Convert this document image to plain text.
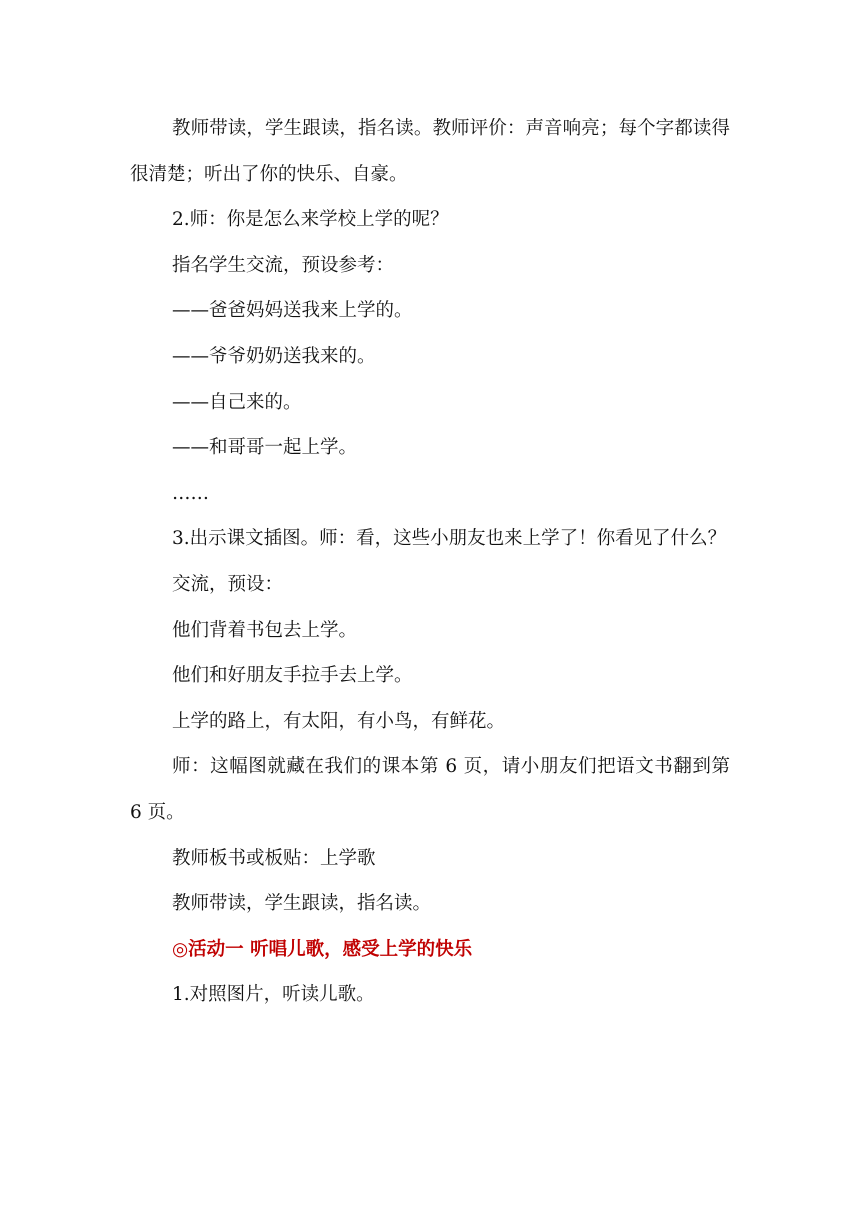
教师带读，学生跟读，指名读。教师评价：声音响亮；每个字都读得很清楚；听出了你的快乐、自豪。

2.师：你是怎么来学校上学的呢？

指名学生交流，预设参考：

——爸爸妈妈送我来上学的。

——爷爷奶奶送我来的。

——自己来的。

——和哥哥一起上学。

……

3.出示课文插图。师：看，这些小朋友也来上学了！你看见了什么？

交流，预设：

他们背着书包去上学。

他们和好朋友手拉手去上学。

上学的路上，有太阳，有小鸟，有鲜花。

师：这幅图就藏在我们的课本第 6 页，请小朋友们把语文书翻到第 6 页。

教师板书或板贴：上学歌

教师带读，学生跟读，指名读。

◎活动一 听唱儿歌，感受上学的快乐

1.对照图片，听读儿歌。
